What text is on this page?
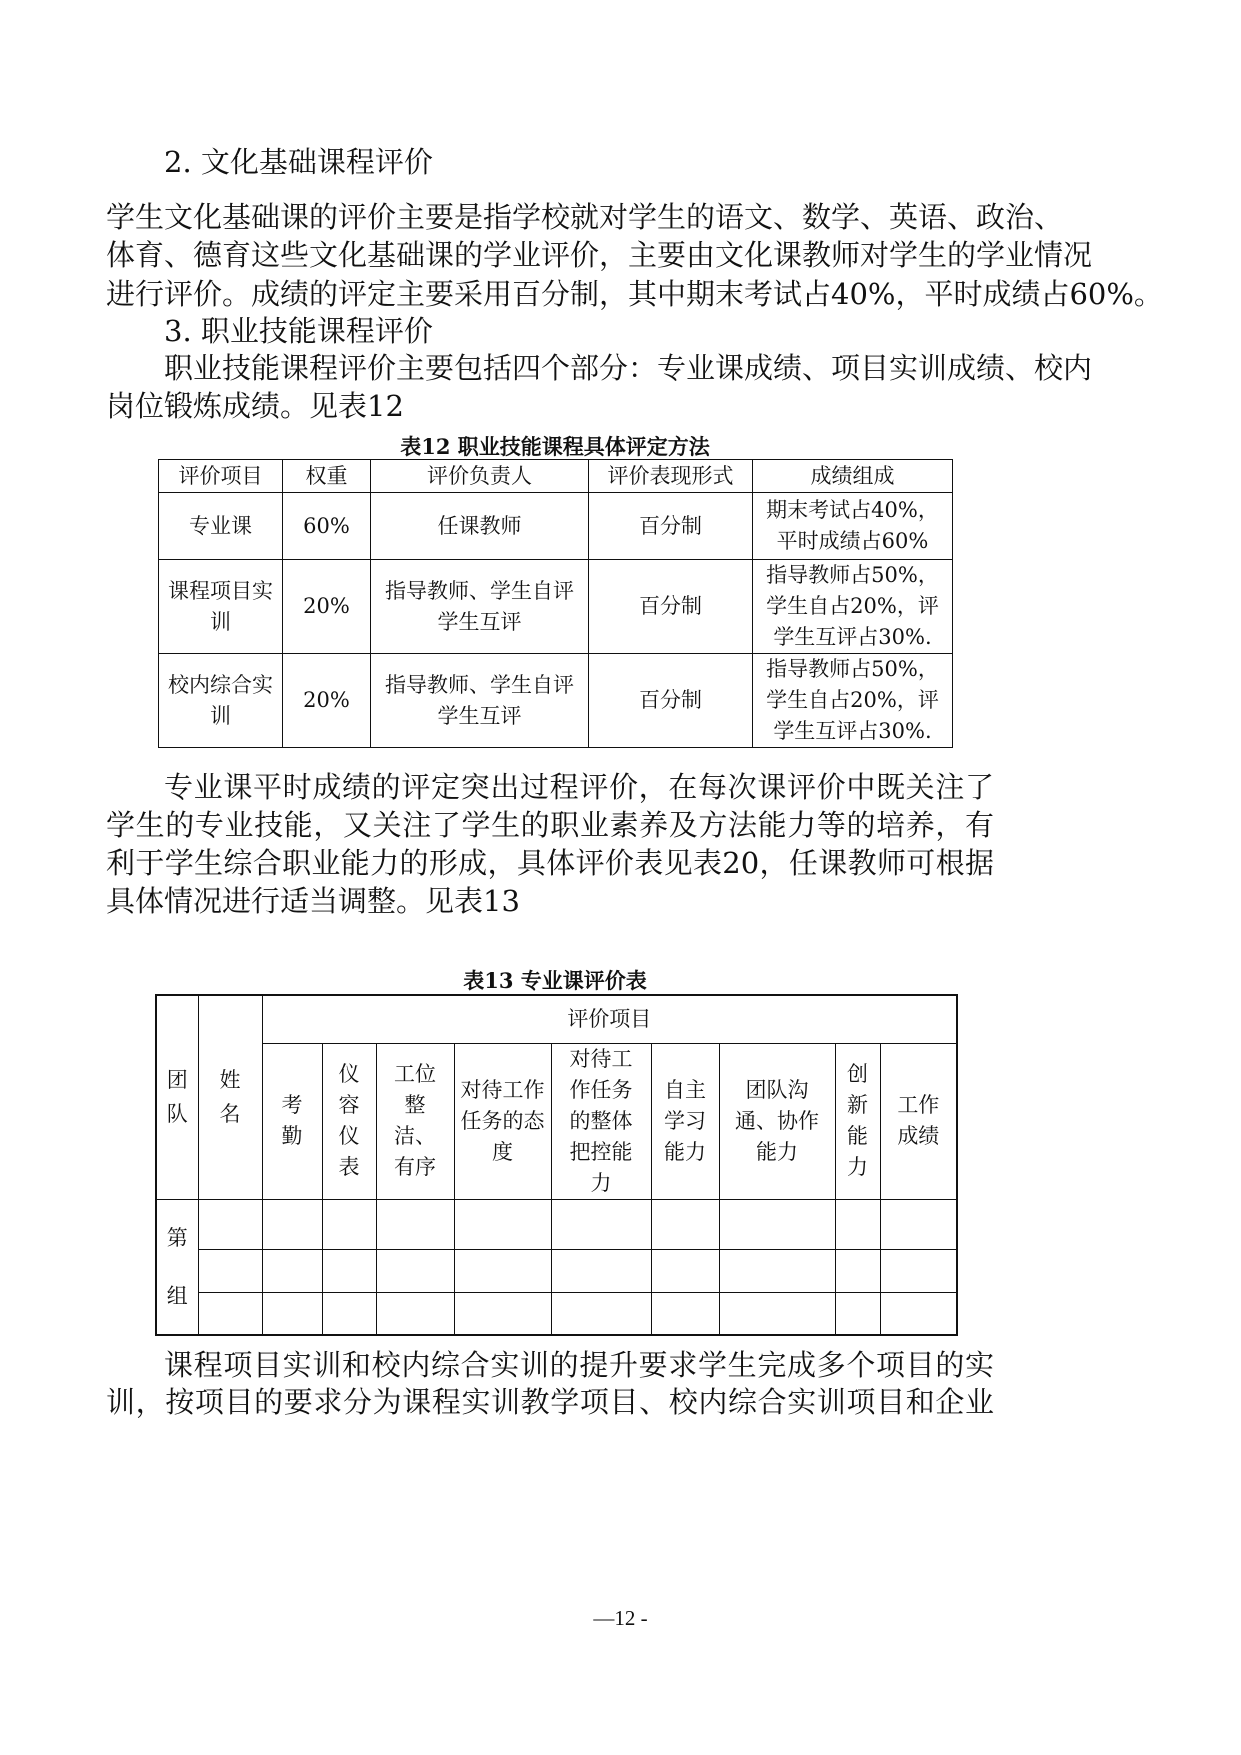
2. 文化基础课程评价
学生文化基础课的评价主要是指学校就对学生的语文、数学、英语、政治、
体育、德育这些文化基础课的学业评价，主要由文化课教师对学生的学业情况
进行评价。成绩的评定主要采用百分制，其中期末考试占40%，平时成绩占60%。
3. 职业技能课程评价
职业技能课程评价主要包括四个部分：专业课成绩、项目实训成绩、校内
岗位锻炼成绩。见表12
表12 职业技能课程具体评定方法
评价项目	权重	评价负责人	评价表现形式	成绩组成
专业课	60%	任课教师	百分制	期末考试占40%，平时成绩占60%
课程项目实训	20%	指导教师、学生自评学生互评	百分制	指导教师占50%，学生自占20%，评学生互评占30%.
校内综合实训	20%	指导教师、学生自评学生互评	百分制	指导教师占50%，学生自占20%，评学生互评占30%.
专业课平时成绩的评定突出过程评价，在每次课评价中既关注了
学生的专业技能，又关注了学生的职业素养及方法能力等的培养，有
利于学生综合职业能力的形成，具体评价表见表20，任课教师可根据
具体情况进行适当调整。见表13
表13 专业课评价表
团队	姓名	评价项目								
		考勤	仪容仪表	工位整洁、有序	对待工作任务的态度	对待工作任务的整体把控能力	自主学习能力	团队沟通、协作能力	创新能力	工作成绩
第组										

课程项目实训和校内综合实训的提升要求学生完成多个项目的实
训，按项目的要求分为课程实训教学项目、校内综合实训项目和企业
—12 -
